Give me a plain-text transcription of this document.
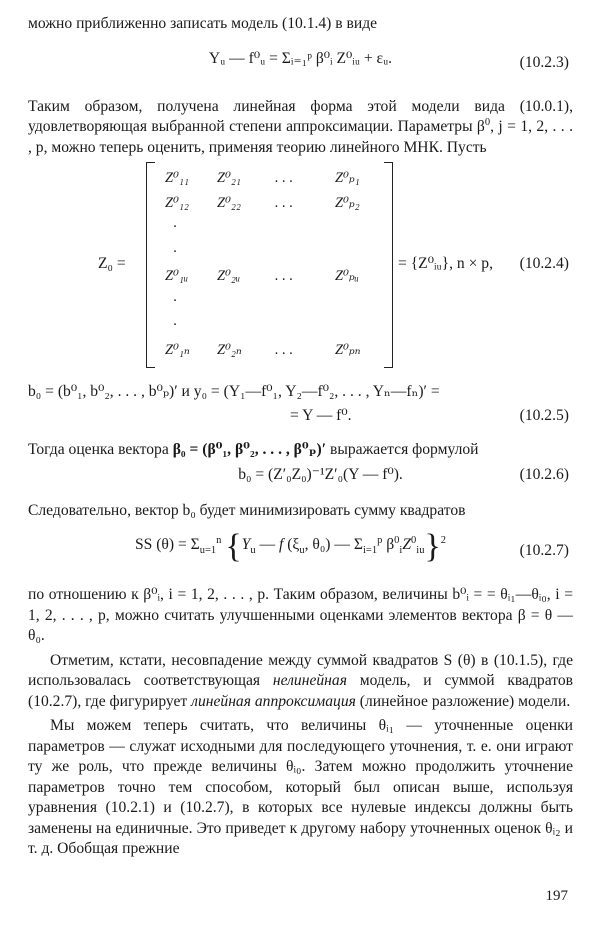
можно приближенно записать модель (10.1.4) в виде

Yᵤ — f⁰ᵤ = Σᵢ₌₁ᵖ β⁰ᵢ Z⁰ᵢᵤ + εᵤ.	(10.2.3)

Таким образом, получена линейная форма этой модели вида (10.0.1), удовлетворяющая выбранной степени аппроксимации. Параметры $\beta^0$, j = 1, 2, . . . , p, можно теперь оценить, применяя теорию линейного МНК. Пусть

Z₀ =
Z⁰₁₁ Z⁰₂₁ . . .	Z⁰ₚ₁
Z⁰₁₂ Z⁰₂₂ . . .	Z⁰ₚ₂
·
·
Z⁰₁ᵤ Z⁰₂ᵤ . . .	Z⁰ₚᵤ
·
·
Z⁰₁ₙ Z⁰₂ₙ . . .	Z⁰ₚₙ
= {Z⁰ᵢᵤ}, n × p, (10.2.4)
b₀ = (b⁰₁, b⁰₂, . . . , b⁰ₚ)′ и y₀ = (Y₁—f⁰₁, Y₂—f⁰₂, . . . , Yₙ—fₙ)′ =
= Y — f⁰.	(10.2.5)

Тогда оценка вектора β₀ = (β⁰₁, β⁰₂, . . . , β⁰ₚ)′ выражается формулой

b₀ = (Z′₀Z₀)⁻¹Z′₀(Y — f⁰).	(10.2.6)

Следовательно, вектор b₀ будет минимизировать сумму квадратов

SS $(\theta) = \Sigma_{u=1}^n$ {$Y_u$ — f ($\xi_u$, θ₀) — $\Sigma_{i=1}^p$ $\beta^0_iZ^0_{iu}\}^2$
(10.2.7)

по отношению к β⁰ᵢ, i = 1, 2, . . . , p. Таким образом, величины b⁰ᵢ = = θᵢ₁—θᵢ₀, i = 1, 2, . . . , p, можно считать улучшенными оценками элементов вектора β = θ — θ₀.

Отметим, кстати, несовпадение между суммой квадратов S (θ) в (10.1.5), где использовалась соответствующая нелинейная модель, и суммой квадратов (10.2.7), где фигурирует линейная аппроксимация (линейное разложение) модели.

Мы можем теперь считать, что величины θᵢ₁ — уточненные оценки параметров — служат исходными для последующего уточнения, т. е. они играют ту же роль, что прежде величины θᵢ₀. Затем можно продолжить уточнение параметров точно тем способом, который был описан выше, используя уравнения (10.2.1) и (10.2.7), в которых все нулевые индексы должны быть заменены на единичные. Это приведет к другому набору уточненных оценок θᵢ₂ и т. д. Обобщая прежние

197
